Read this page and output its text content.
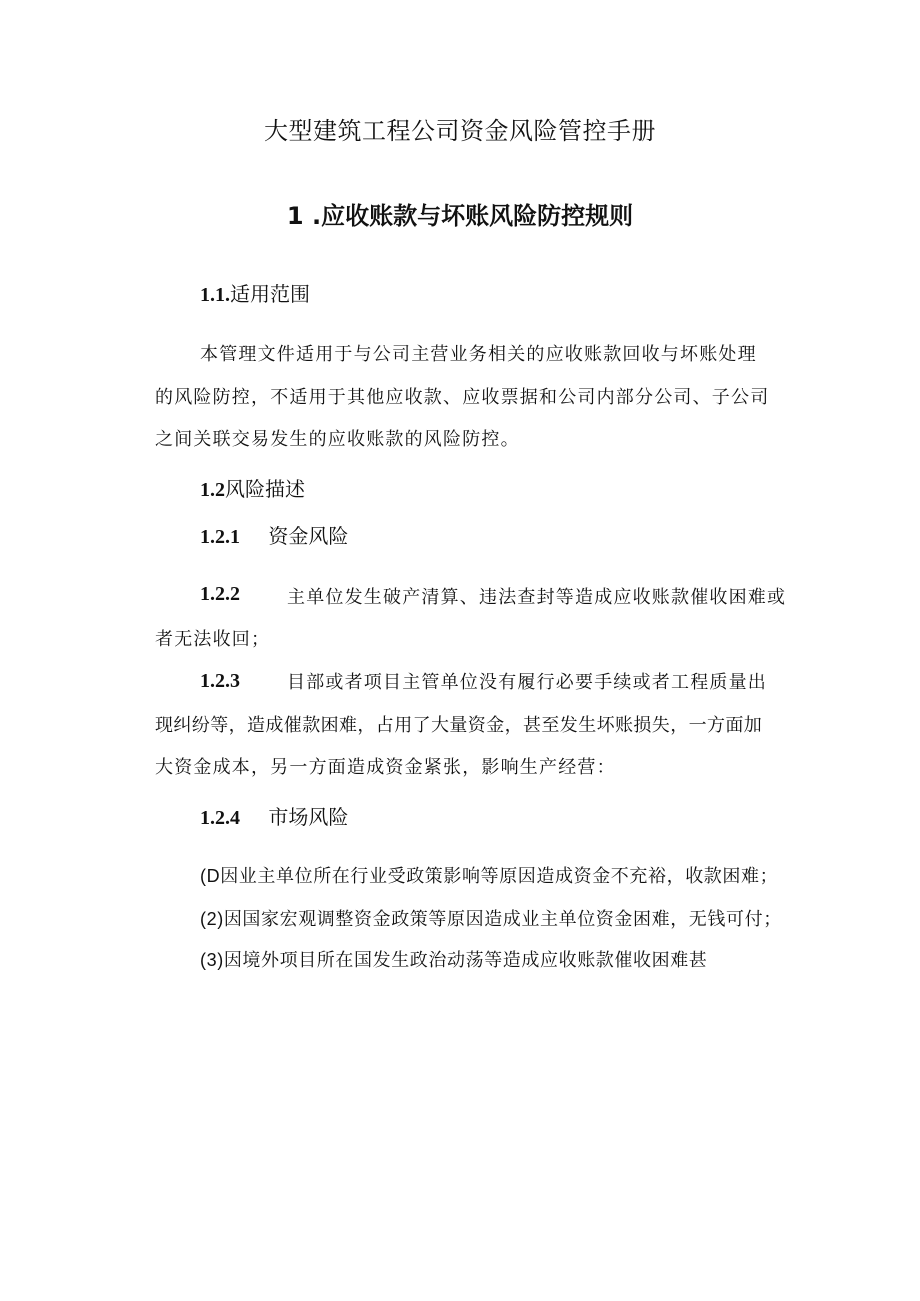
大型建筑工程公司资金风险管控手册
1 .应收账款与坏账风险防控规则
1.1.适用范围
本管理文件适用于与公司主营业务相关的应收账款回收与坏账处理
的风险防控，不适用于其他应收款、应收票据和公司内部分公司、子公司
之间关联交易发生的应收账款的风险防控。
1.2风险描述
1.2.1 资金风险
1.2.2	主单位发生破产清算、违法查封等造成应收账款催收困难或
者无法收回；
1.2.3	目部或者项目主管单位没有履行必要手续或者工程质量出
现纠纷等，造成催款困难，占用了大量资金，甚至发生坏账损失，一方面加
大资金成本，另一方面造成资金紧张，影响生产经营：
1.2.4 市场风险
(D因业主单位所在行业受政策影响等原因造成资金不充裕，收款困难；
(2)因国家宏观调整资金政策等原因造成业主单位资金困难，无钱可付；
(3)因境外项目所在国发生政治动荡等造成应收账款催收困难甚
